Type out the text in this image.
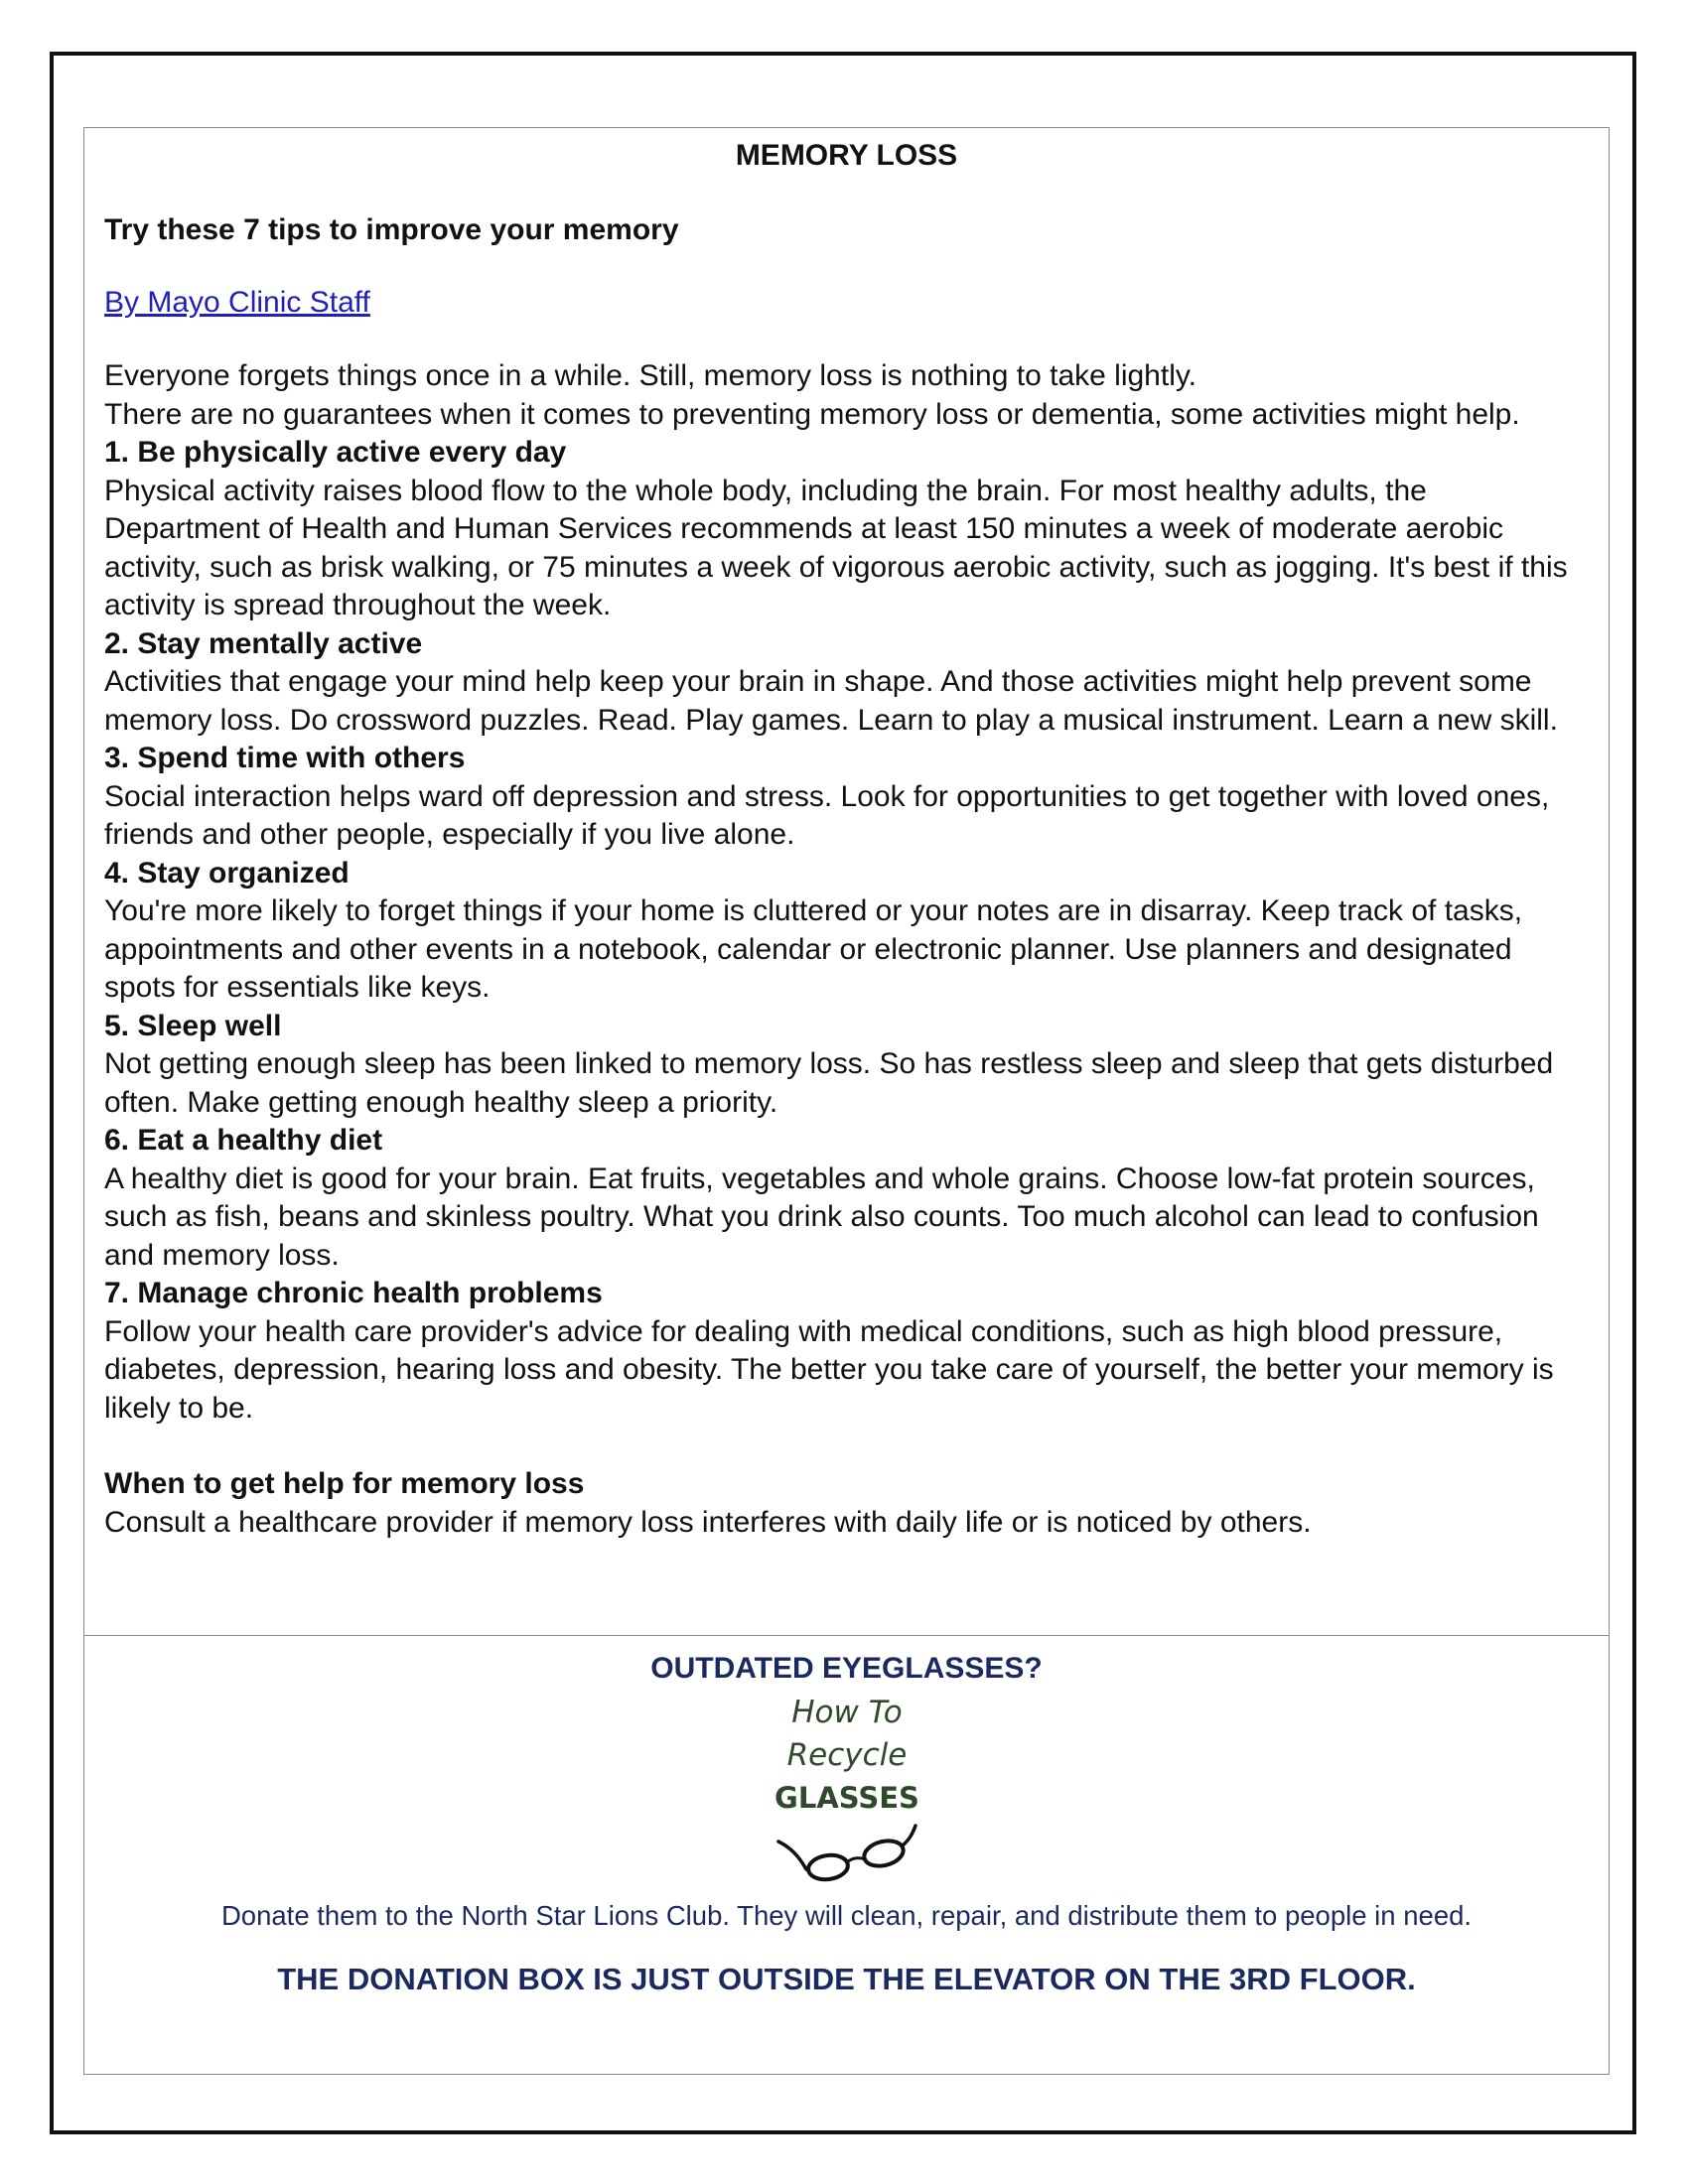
MEMORY LOSS

Try these 7 tips to improve your memory

By Mayo Clinic Staff

Everyone forgets things once in a while. Still, memory loss is nothing to take lightly.

There are no guarantees when it comes to preventing memory loss or dementia, some activities might help.

1. Be physically active every day

Physical activity raises blood flow to the whole body, including the brain. For most healthy adults, the Department of Health and Human Services recommends at least 150 minutes a week of moderate aerobic activity, such as brisk walking, or 75 minutes a week of vigorous aerobic activity, such as jogging. It's best if this activity is spread throughout the week.

2. Stay mentally active

Activities that engage your mind help keep your brain in shape. And those activities might help prevent some memory loss. Do crossword puzzles. Read. Play games. Learn to play a musical instrument. Learn a new skill.

3. Spend time with others

Social interaction helps ward off depression and stress. Look for opportunities to get together with loved ones, friends and other people, especially if you live alone.

4. Stay organized

You're more likely to forget things if your home is cluttered or your notes are in disarray. Keep track of tasks, appointments and other events in a notebook, calendar or electronic planner. Use planners and designated spots for essentials like keys.

5. Sleep well

Not getting enough sleep has been linked to memory loss. So has restless sleep and sleep that gets disturbed often. Make getting enough healthy sleep a priority.

6. Eat a healthy diet

A healthy diet is good for your brain. Eat fruits, vegetables and whole grains. Choose low-fat protein sources, such as fish, beans and skinless poultry. What you drink also counts. Too much alcohol can lead to confusion and memory loss.

7. Manage chronic health problems

Follow your health care provider's advice for dealing with medical conditions, such as high blood pressure, diabetes, depression, hearing loss and obesity. The better you take care of yourself, the better your memory is likely to be.

When to get help for memory loss

Consult a healthcare provider if memory loss interferes with daily life or is noticed by others.

OUTDATED EYEGLASSES?
How To
Recycle
GLASSES
Donate them to the North Star Lions Club. They will clean, repair, and distribute them to people in need.
THE DONATION BOX IS JUST OUTSIDE THE ELEVATOR ON THE 3RD FLOOR.
